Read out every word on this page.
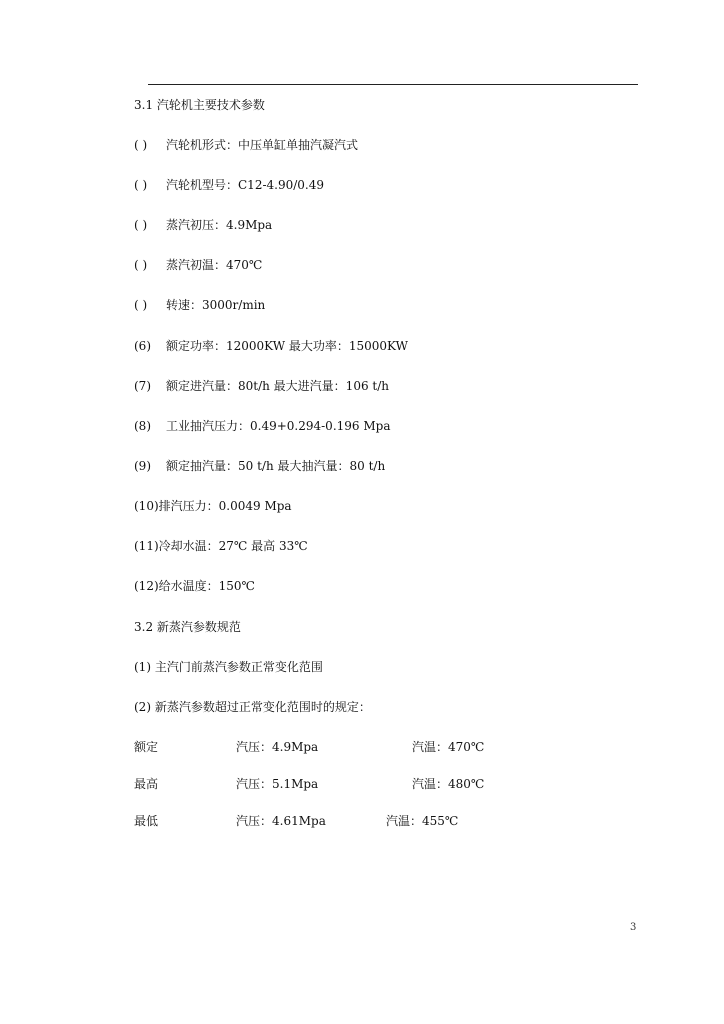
3.1 汽轮机主要技术参数
( ) 汽轮机形式：中压单缸单抽汽凝汽式
( ) 汽轮机型号：C12-4.90/0.49
( ) 蒸汽初压：4.9Mpa
( ) 蒸汽初温：470℃
( ) 转速：3000r/min
(6) 额定功率：12000KW 最大功率：15000KW
(7) 额定进汽量：80t/h 最大进汽量：106 t/h
(8) 工业抽汽压力：0.49+0.294-0.196 Mpa
(9) 额定抽汽量：50 t/h 最大抽汽量：80 t/h
(10)排汽压力：0.0049 Mpa
(11)冷却水温：27℃ 最高 33℃
(12)给水温度：150℃
3.2 新蒸汽参数规范
(1) 主汽门前蒸汽参数正常变化范围
(2) 新蒸汽参数超过正常变化范围时的规定：
额定	汽压：4.9Mpa	汽温：470℃
最高	汽压：5.1Mpa	汽温：480℃
最低	汽压：4.61Mpa	汽温：455℃
3
